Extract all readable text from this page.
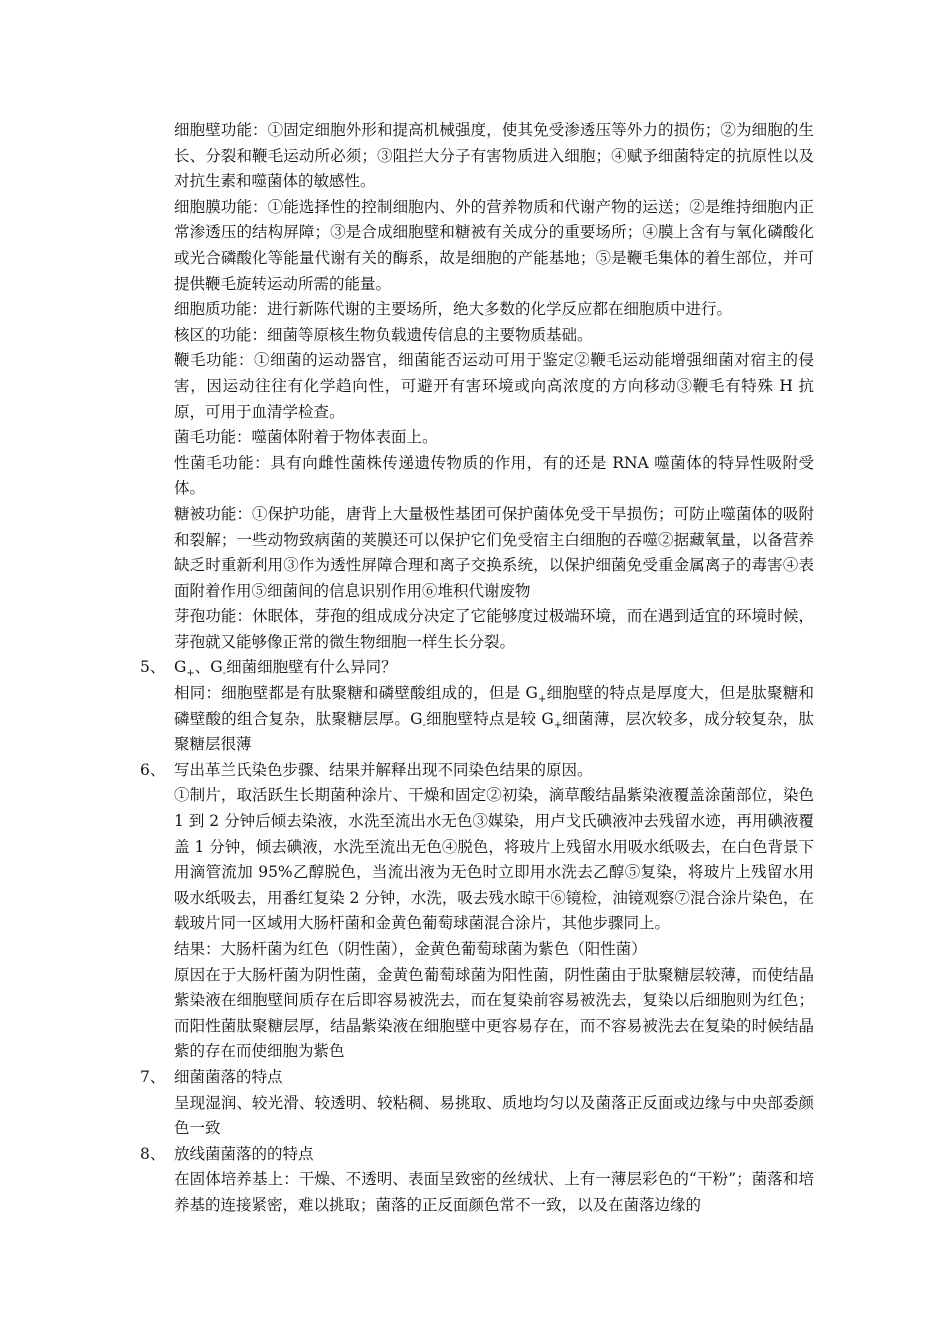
细胞壁功能：①固定细胞外形和提高机械强度，使其免受渗透压等外力的损伤；②为细胞的生长、分裂和鞭毛运动所必须；③阻拦大分子有害物质进入细胞；④赋予细菌特定的抗原性以及对抗生素和噬菌体的敏感性。

细胞膜功能：①能选择性的控制细胞内、外的营养物质和代谢产物的运送；②是维持细胞内正常渗透压的结构屏障；③是合成细胞壁和糖被有关成分的重要场所；④膜上含有与氧化磷酸化或光合磷酸化等能量代谢有关的酶系，故是细胞的产能基地；⑤是鞭毛集体的着生部位，并可提供鞭毛旋转运动所需的能量。

细胞质功能：进行新陈代谢的主要场所，绝大多数的化学反应都在细胞质中进行。

核区的功能：细菌等原核生物负载遗传信息的主要物质基础。

鞭毛功能：①细菌的运动器官，细菌能否运动可用于鉴定②鞭毛运动能增强细菌对宿主的侵害，因运动往往有化学趋向性，可避开有害环境或向高浓度的方向移动③鞭毛有特殊 H 抗原，可用于血清学检查。

菌毛功能：噬菌体附着于物体表面上。

性菌毛功能：具有向雌性菌株传递遗传物质的作用，有的还是 RNA 噬菌体的特异性吸附受体。

糖被功能：①保护功能，唐背上大量极性基团可保护菌体免受干旱损伤；可防止噬菌体的吸附和裂解；一些动物致病菌的荚膜还可以保护它们免受宿主白细胞的吞噬②据藏氧量，以备营养缺乏时重新利用③作为透性屏障合理和离子交换系统，以保护细菌免受重金属离子的毒害④表面附着作用⑤细菌间的信息识别作用⑥堆积代谢废物

芽孢功能：休眠体，芽孢的组成成分决定了它能够度过极端环境，而在遇到适宜的环境时候，芽孢就又能够像正常的微生物细胞一样生长分裂。

5、 $G_+$、$G_-$细菌细胞壁有什么异同？

相同：细胞壁都是有肽聚糖和磷壁酸组成的，但是 $G_+$细胞壁的特点是厚度大，但是肽聚糖和磷壁酸的组合复杂，肽聚糖层厚。$G_-$细胞壁特点是较 $G_+$细菌薄，层次较多，成分较复杂，肽聚糖层很薄

6、 写出革兰氏染色步骤、结果并解释出现不同染色结果的原因。

①制片，取活跃生长期菌种涂片、干燥和固定②初染，滴草酸结晶紫染液覆盖涂菌部位，染色 1 到 2 分钟后倾去染液，水洗至流出水无色③媒染，用卢戈氏碘液冲去残留水迹，再用碘液覆盖 1 分钟，倾去碘液，水洗至流出无色④脱色，将玻片上残留水用吸水纸吸去，在白色背景下用滴管流加 95%乙醇脱色，当流出液为无色时立即用水洗去乙醇⑤复染，将玻片上残留水用吸水纸吸去，用番红复染 2 分钟，水洗，吸去残水晾干⑥镜检，油镜观察⑦混合涂片染色，在载玻片同一区域用大肠杆菌和金黄色葡萄球菌混合涂片，其他步骤同上。

结果：大肠杆菌为红色（阴性菌），金黄色葡萄球菌为紫色（阳性菌）

原因在于大肠杆菌为阴性菌，金黄色葡萄球菌为阳性菌，阴性菌由于肽聚糖层较薄，而使结晶紫染液在细胞壁间质存在后即容易被洗去，而在复染前容易被洗去，复染以后细胞则为红色；而阳性菌肽聚糖层厚，结晶紫染液在细胞壁中更容易存在，而不容易被洗去在复染的时候结晶紫的存在而使细胞为紫色

7、 细菌菌落的特点

呈现湿润、较光滑、较透明、较粘稠、易挑取、质地均匀以及菌落正反面或边缘与中央部委颜色一致

8、 放线菌菌落的的特点

在固体培养基上：干燥、不透明、表面呈致密的丝绒状、上有一薄层彩色的“干粉”；菌落和培养基的连接紧密，难以挑取；菌落的正反面颜色常不一致，以及在菌落边缘的
